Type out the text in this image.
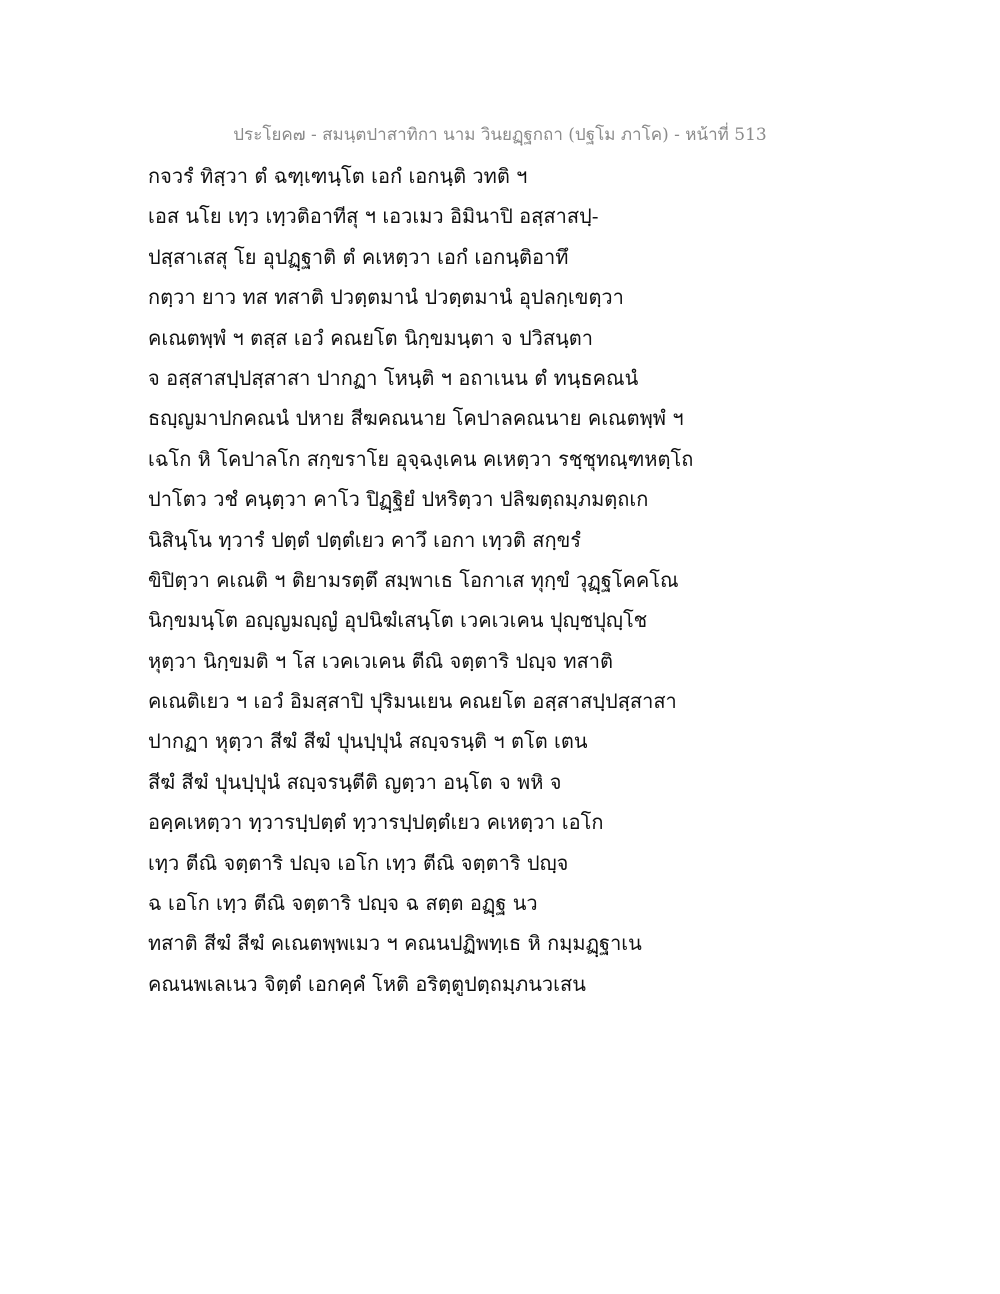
ประโยค๗ - สมนฺตปาสาทิกา นาม วินยฏฺฐกถา (ปฐโม ภาโค) - หน้าที่ 513
กจวรํ ทิสฺวา ตํ ฉฑฺเฑนฺโต เอกํ เอกนฺติ วทติ ฯ
เอส นโย เทฺว เทฺวติอาทีสุ ฯ เอวเมว อิมินาปิ อสฺสาสปฺ-
ปสฺสาเสสุ โย อุปฏฺฐาติ ตํ คเหตฺวา เอกํ เอกนฺติอาทึ
กตฺวา ยาว ทส ทสาติ ปวตฺตมานํ ปวตฺตมานํ อุปลกฺเขตฺวา
คเณตพฺพํ ฯ ตสฺส เอวํ คณยโต นิกฺขมนฺตา จ ปวิสนฺตา
จ อสฺสาสปฺปสฺสาสา ปากฏา โหนฺติ ฯ อถาเนน ตํ ทนฺธคณนํ
ธญฺญมาปกคณนํ ปหาย สีฆคณนาย โคปาลคณนาย คเณตพฺพํ ฯ
เฉโก หิ โคปาลโก สกฺขราโย อุจฺฉงฺเคน คเหตฺวา รชฺชุทณฺฑหตฺโถ
ปาโตว วชํ คนฺตฺวา คาโว ปิฏฺฐิยํ ปหริตฺวา ปลิฆตฺถมฺภมตฺถเก
นิสินฺโน ทฺวารํ ปตฺตํ ปตฺตํเยว คาวึ เอกา เทฺวติ สกฺขรํ
ขิปิตฺวา คเณติ ฯ ติยามรตฺตึ สมฺพาเธ โอกาเส ทุกฺขํ วุฏฺฐโคคโณ
นิกฺขมนฺโต อญฺญมญฺญํ อุปนิฆํเสนฺโต เวคเวเคน ปุญฺชปุญฺโช
หุตฺวา นิกฺขมติ ฯ โส เวคเวเคน ตีณิ จตฺตาริ ปญฺจ ทสาติ
คเณติเยว ฯ เอวํ อิมสฺสาปิ ปุริมนเยน คณยโต อสฺสาสปฺปสฺสาสา
ปากฏา หุตฺวา สีฆํ สีฆํ ปุนปฺปุนํ สญฺจรนฺติ ฯ ตโต เตน
สีฆํ สีฆํ ปุนปฺปุนํ สญฺจรนฺตีติ ญตฺวา อนฺโต จ พหิ จ
อคฺคเหตฺวา ทฺวารปฺปตฺตํ ทฺวารปฺปตฺตํเยว คเหตฺวา เอโก
เทฺว ตีณิ จตฺตาริ ปญฺจ เอโก เทฺว ตีณิ จตฺตาริ ปญฺจ
ฉ เอโก เทฺว ตีณิ จตฺตาริ ปญฺจ ฉ สตฺต อฏฺฐ นว
ทสาติ สีฆํ สีฆํ คเณตพฺพเมว ฯ คณนปฏิพทฺเธ หิ กมฺมฏฺฐาเน
คณนพเลเนว จิตฺตํ เอกคฺคํ โหติ อริตฺตูปตฺถมฺภนวเสน
